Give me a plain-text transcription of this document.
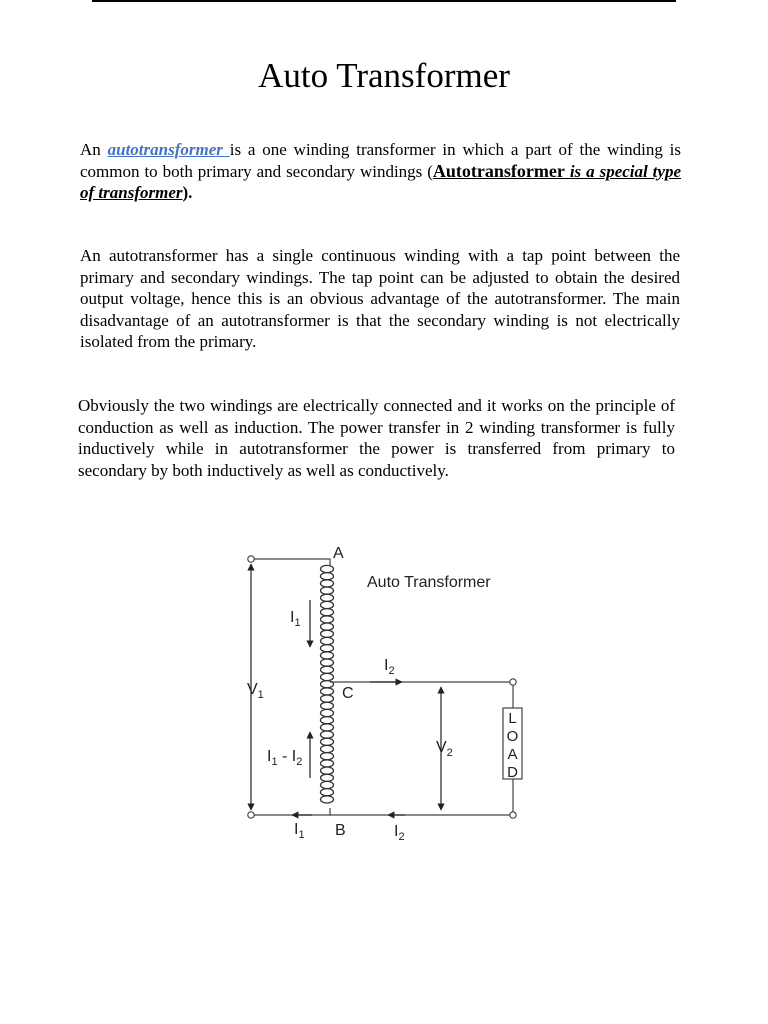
Auto Transformer
An autotransformer is a one winding transformer in which a part of the winding is common to both primary and secondary windings (Autotransformer is a special type of transformer).
An autotransformer has a single continuous winding with a tap point between the primary and secondary windings. The tap point can be adjusted to obtain the desired output voltage, hence this is an obvious advantage of the autotransformer. The main disadvantage of an autotransformer is that the secondary winding is not electrically isolated from the primary.
Obviously the two windings are electrically connected and it works on the principle of conduction as well as induction. The power transfer in 2 winding transformer is fully inductively while in autotransformer the power is transferred from primary to secondary by both inductively as well as conductively.
L
O
A
D
Auto Transformer
A
C
B
$V_1$
$V_2$
$I_1$
$I_2$
$I_1 - I_2$
$I_1$	$I_2$
